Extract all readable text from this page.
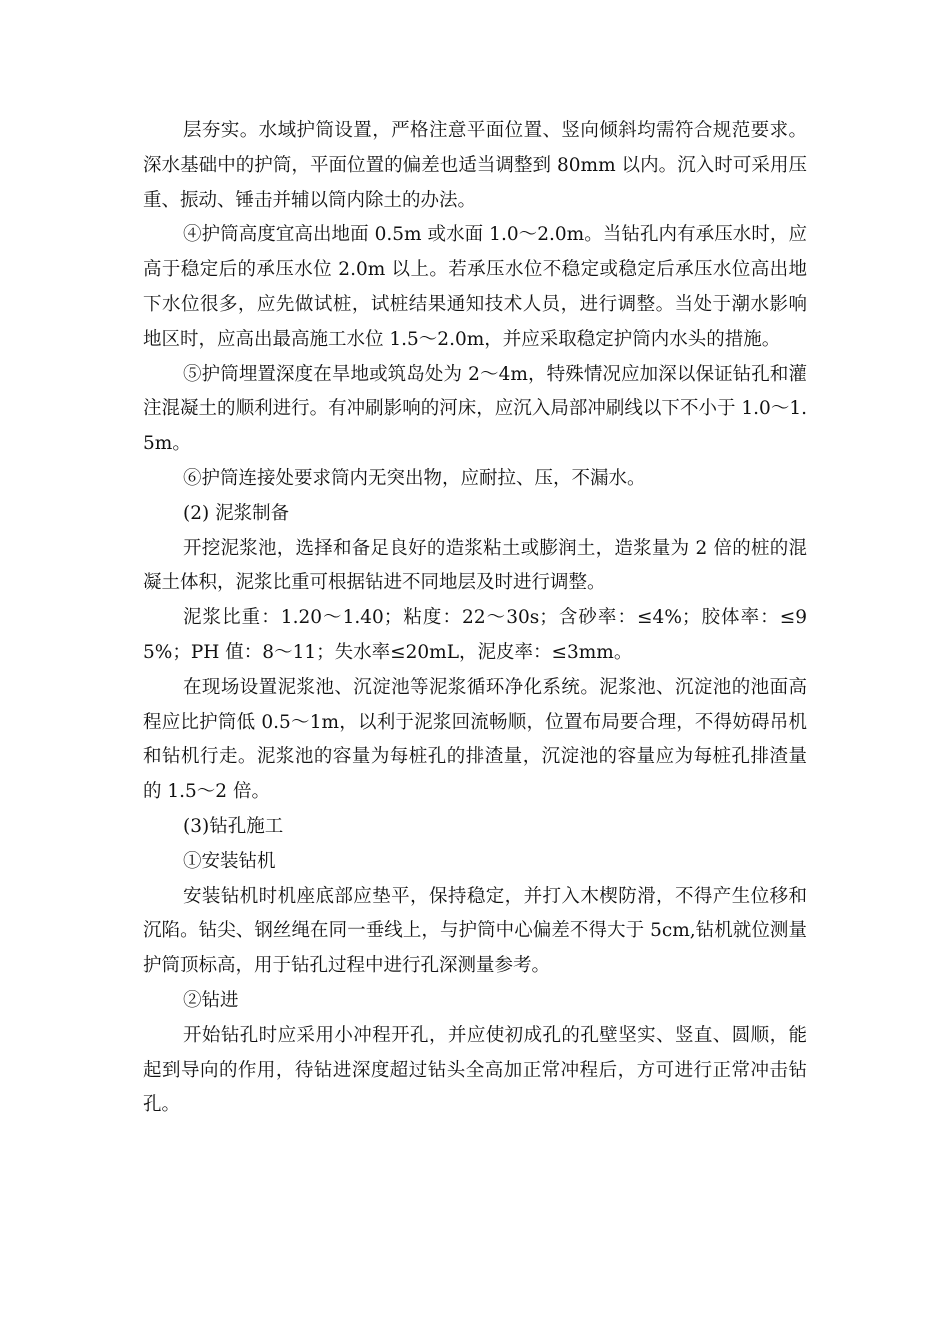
层夯实。水域护筒设置，严格注意平面位置、竖向倾斜均需符合规范要求。深水基础中的护筒，平面位置的偏差也适当调整到 80mm 以内。沉入时可采用压重、振动、锤击并辅以筒内除土的办法。

④护筒高度宜高出地面 0.5m 或水面 1.0～2.0m。当钻孔内有承压水时，应高于稳定后的承压水位 2.0m 以上。若承压水位不稳定或稳定后承压水位高出地下水位很多，应先做试桩，试桩结果通知技术人员，进行调整。当处于潮水影响地区时，应高出最高施工水位 1.5～2.0m，并应采取稳定护筒内水头的措施。

⑤护筒埋置深度在旱地或筑岛处为 2～4m，特殊情况应加深以保证钻孔和灌注混凝土的顺利进行。有冲刷影响的河床，应沉入局部冲刷线以下不小于 1.0～1.5m。

⑥护筒连接处要求筒内无突出物，应耐拉、压，不漏水。

(2) 泥浆制备

开挖泥浆池，选择和备足良好的造浆粘土或膨润土，造浆量为 2 倍的桩的混凝土体积，泥浆比重可根据钻进不同地层及时进行调整。

泥浆比重：1.20～1.40；粘度：22～30s；含砂率：≤4%；胶体率：≤95%；PH 值：8～11；失水率≤20mL，泥皮率：≤3mm。

在现场设置泥浆池、沉淀池等泥浆循环净化系统。泥浆池、沉淀池的池面高程应比护筒低 0.5～1m，以利于泥浆回流畅顺，位置布局要合理，不得妨碍吊机和钻机行走。泥浆池的容量为每桩孔的排渣量，沉淀池的容量应为每桩孔排渣量的 1.5～2 倍。

(3)钻孔施工

①安装钻机

安装钻机时机座底部应垫平，保持稳定，并打入木楔防滑，不得产生位移和沉陷。钻尖、钢丝绳在同一垂线上，与护筒中心偏差不得大于 5cm,钻机就位测量护筒顶标高，用于钻孔过程中进行孔深测量参考。

②钻进

开始钻孔时应采用小冲程开孔，并应使初成孔的孔壁坚实、竖直、圆顺，能起到导向的作用，待钻进深度超过钻头全高加正常冲程后，方可进行正常冲击钻孔。
